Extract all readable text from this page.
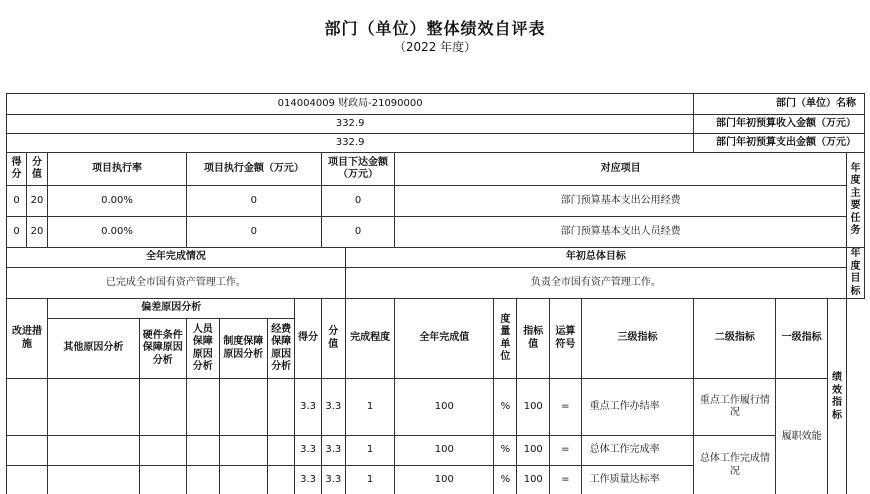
部门（单位）整体绩效自评表
（2022 年度）
014004009 财政局-21090000															部门（单位）名称			
332.9															部门年初预算收入金额（万元）			
332.9															部门年初预算支出金额（万元）			
得分	分值	项目执行率		项目执行金额（万元）				项目下达金额（万元）		对应项目								年度主要任务
0	20	0.00%		0				0		部门预算基本支出公用经费								
0	20	0.00%		0				0		部门预算基本支出人员经费								
全年完成情况									年初总体目标									年度目标
已完成全市国有资产管理工作。									负责全市国有资产管理工作。									
改进措施		偏差原因分析					得分	分值	完成程度	全年完成值	度量单位	指标值	运算符号	三级指标	二级指标	一级指标	绩效指标	
		其他原因分析	硬件条件保障原因分析	人员保障原因分析	制度保障原因分析	经费保障原因分析												
							3.3	3.3	1	100	%	100	=	重点工作办结率	重点工作履行情况	履职效能		
							3.3	3.3	1	100	%	100	=	总体工作完成率	总体工作完成情况			
							3.3	3.3	1	100	%	100	=	工作质量达标率				
